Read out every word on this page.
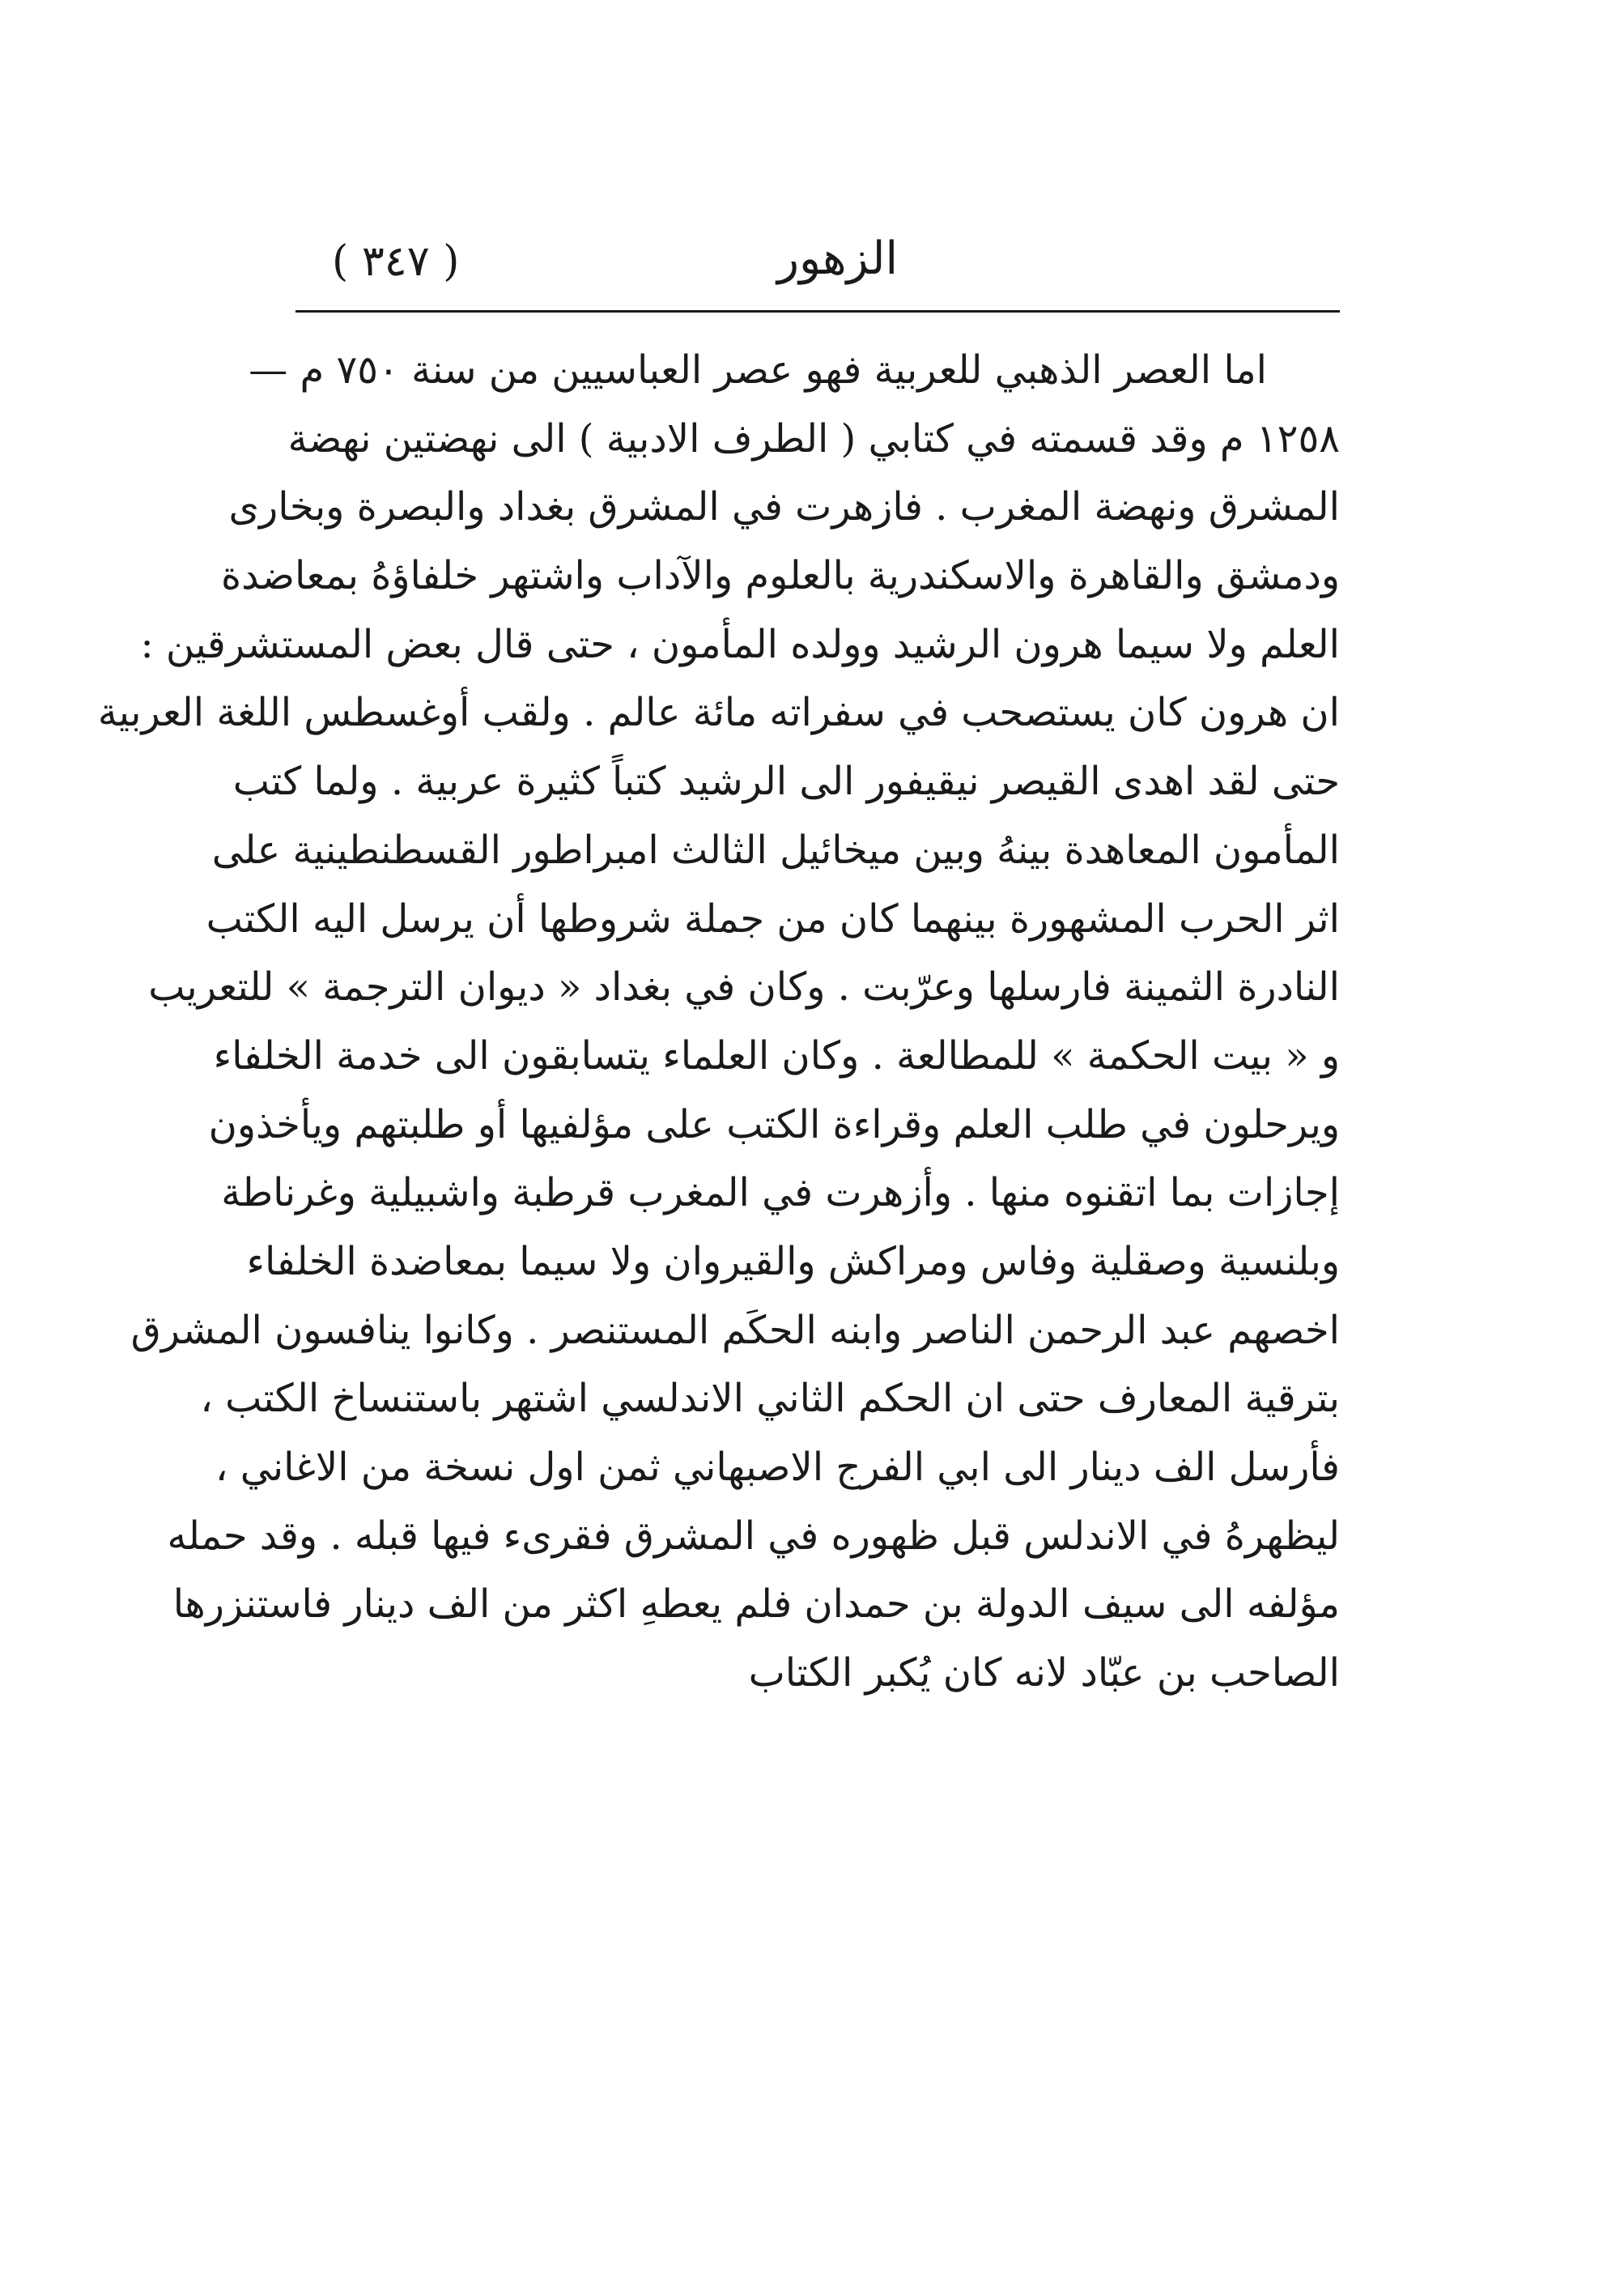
( ٣٤٧ )	الزهور
اما العصر الذهبي للعربية فهو عصر العباسيين من سنة ٧٥٠ م —
١٢٥٨ م وقد قسمته في كتابي ( الطرف الادبية ) الى نهضتين نهضة
المشرق ونهضة المغرب . فازهرت في المشرق بغداد والبصرة وبخارى
ودمشق والقاهرة والاسكندرية بالعلوم والآداب واشتهر خلفاؤهُ بمعاضدة
العلم ولا سيما هرون الرشيد وولده المأمون ، حتى قال بعض المستشرقين :
ان هرون كان يستصحب في سفراته مائة عالم . ولقب أوغسطس اللغة العربية
حتى لقد اهدى القيصر نيقيفور الى الرشيد كتباً كثيرة عربية . ولما كتب
المأمون المعاهدة بينهُ وبين ميخائيل الثالث امبراطور القسطنطينية على
اثر الحرب المشهورة بينهما كان من جملة شروطها أن يرسل اليه الكتب
النادرة الثمينة فارسلها وعرّبت . وكان في بغداد « ديوان الترجمة » للتعريب
و « بيت الحكمة » للمطالعة . وكان العلماء يتسابقون الى خدمة الخلفاء
ويرحلون في طلب العلم وقراءة الكتب على مؤلفيها أو طلبتهم ويأخذون
إجازات بما اتقنوه منها . وأزهرت في المغرب قرطبة واشبيلية وغرناطة
وبلنسية وصقلية وفاس ومراكش والقيروان ولا سيما بمعاضدة الخلفاء
اخصهم عبد الرحمن الناصر وابنه الحكَم المستنصر . وكانوا ينافسون المشرق
بترقية المعارف حتى ان الحكم الثاني الاندلسي اشتهر باستنساخ الكتب ،
فأرسل الف دينار الى ابي الفرج الاصبهاني ثمن اول نسخة من الاغاني ،
ليظهرهُ في الاندلس قبل ظهوره في المشرق فقرىء فيها قبله . وقد حمله
مؤلفه الى سيف الدولة بن حمدان فلم يعطهِ اكثر من الف دينار فاستنزرها
الصاحب بن عبّاد لانه كان يُكبر الكتاب
